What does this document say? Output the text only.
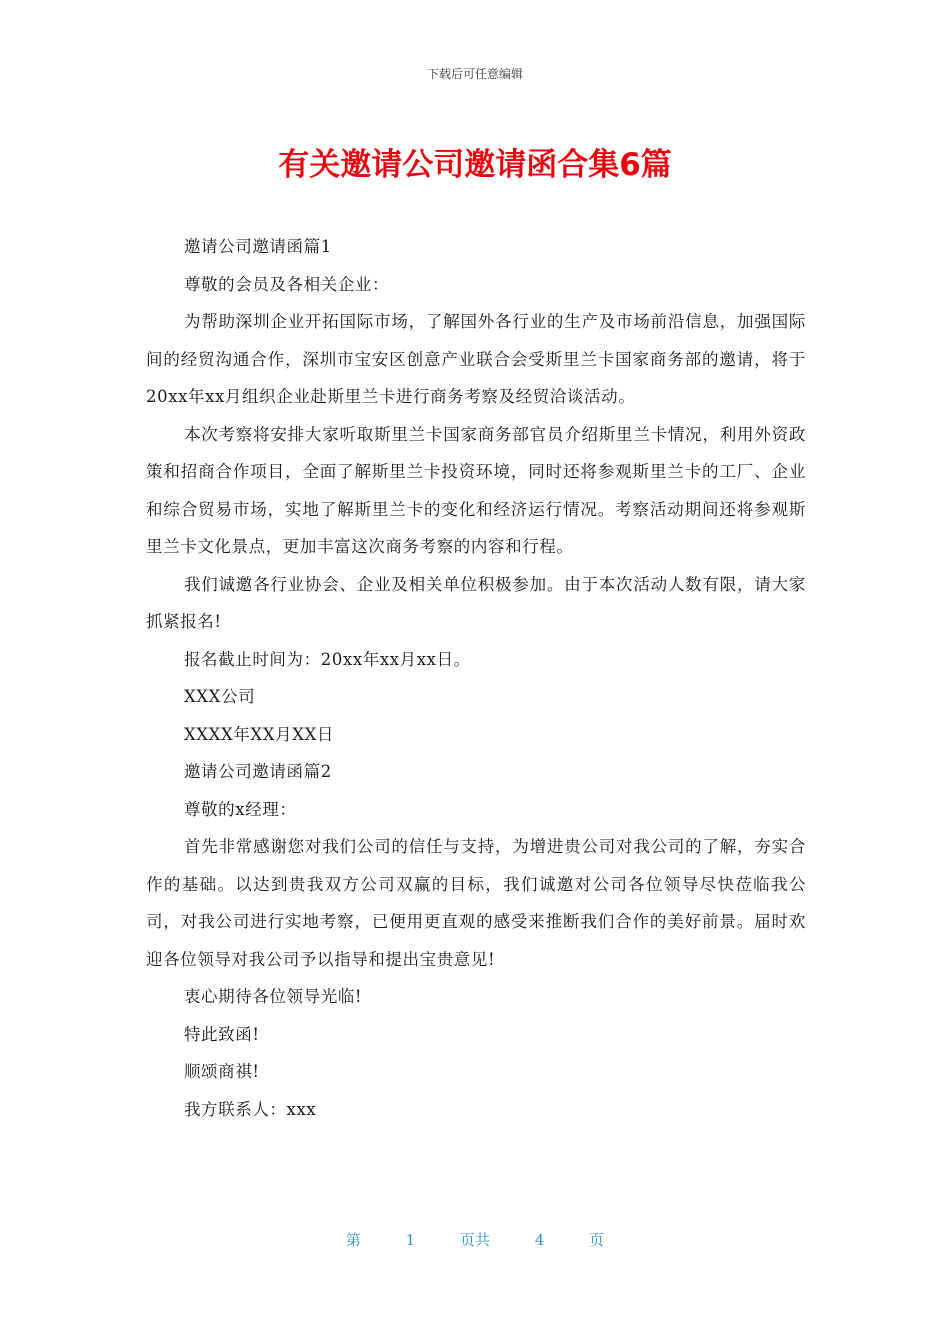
下载后可任意编辑
有关邀请公司邀请函合集6篇

邀请公司邀请函篇1

尊敬的会员及各相关企业：

为帮助深圳企业开拓国际市场，了解国外各行业的生产及市场前沿信息，加强国际间的经贸沟通合作，深圳市宝安区创意产业联合会受斯里兰卡国家商务部的邀请，将于20xx年xx月组织企业赴斯里兰卡进行商务考察及经贸洽谈活动。

本次考察将安排大家听取斯里兰卡国家商务部官员介绍斯里兰卡情况，利用外资政策和招商合作项目，全面了解斯里兰卡投资环境，同时还将参观斯里兰卡的工厂、企业和综合贸易市场，实地了解斯里兰卡的变化和经济运行情况。考察活动期间还将参观斯里兰卡文化景点，更加丰富这次商务考察的内容和行程。

我们诚邀各行业协会、企业及相关单位积极参加。由于本次活动人数有限，请大家抓紧报名!

报名截止时间为：20xx年xx月xx日。

XXX公司

XXXX年XX月XX日

邀请公司邀请函篇2

尊敬的x经理：

首先非常感谢您对我们公司的信任与支持，为增进贵公司对我公司的了解，夯实合作的基础。以达到贵我双方公司双赢的目标，我们诚邀对公司各位领导尽快莅临我公司，对我公司进行实地考察，已便用更直观的感受来推断我们合作的美好前景。届时欢迎各位领导对我公司予以指导和提出宝贵意见!

衷心期待各位领导光临!

特此致函!

顺颂商祺!

我方联系人：xxx

第	1	页共	4	页
